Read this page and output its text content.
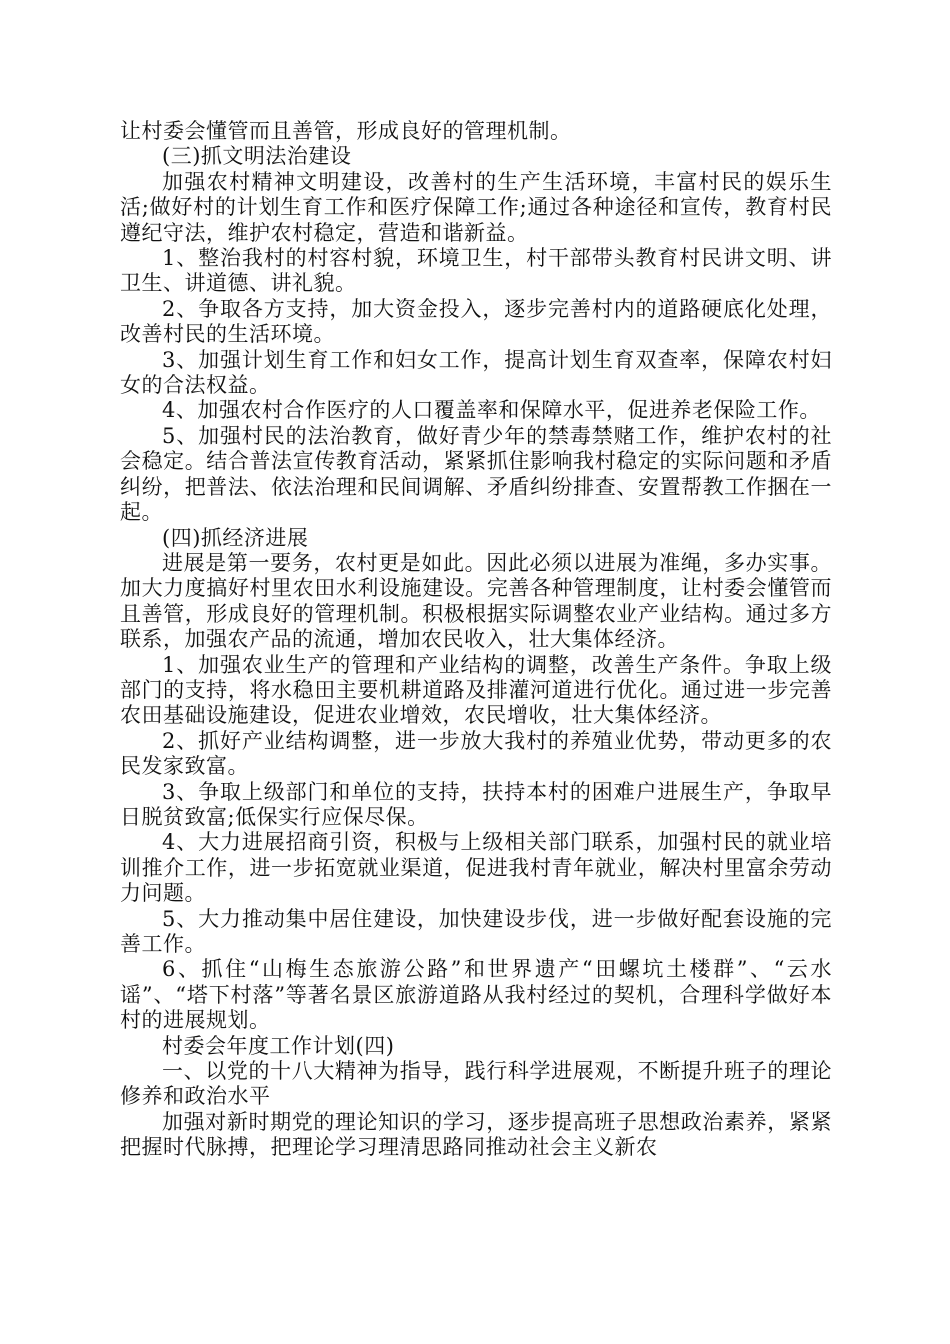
让村委会懂管而且善管，形成良好的管理机制。

(三)抓文明法治建设

加强农村精神文明建设，改善村的生产生活环境，丰富村民的娱乐生活;做好村的计划生育工作和医疗保障工作;通过各种途径和宣传，教育村民遵纪守法，维护农村稳定，营造和谐新益。

1、整治我村的村容村貌，环境卫生，村干部带头教育村民讲文明、讲卫生、讲道德、讲礼貌。

2、争取各方支持，加大资金投入，逐步完善村内的道路硬底化处理，改善村民的生活环境。

3、加强计划生育工作和妇女工作，提高计划生育双查率，保障农村妇女的合法权益。

4、加强农村合作医疗的人口覆盖率和保障水平，促进养老保险工作。

5、加强村民的法治教育，做好青少年的禁毒禁赌工作，维护农村的社会稳定。结合普法宣传教育活动，紧紧抓住影响我村稳定的实际问题和矛盾纠纷，把普法、依法治理和民间调解、矛盾纠纷排查、安置帮教工作捆在一起。

(四)抓经济进展

进展是第一要务，农村更是如此。因此必须以进展为准绳，多办实事。加大力度搞好村里农田水利设施建设。完善各种管理制度，让村委会懂管而且善管，形成良好的管理机制。积极根据实际调整农业产业结构。通过多方联系，加强农产品的流通，增加农民收入，壮大集体经济。

1、加强农业生产的管理和产业结构的调整，改善生产条件。争取上级部门的支持，将水稳田主要机耕道路及排灌河道进行优化。通过进一步完善农田基础设施建设，促进农业增效，农民增收，壮大集体经济。

2、抓好产业结构调整，进一步放大我村的养殖业优势，带动更多的农民发家致富。

3、争取上级部门和单位的支持，扶持本村的困难户进展生产，争取早日脱贫致富;低保实行应保尽保。

4、大力进展招商引资，积极与上级相关部门联系，加强村民的就业培训推介工作，进一步拓宽就业渠道，促进我村青年就业，解决村里富余劳动力问题。

5、大力推动集中居住建设，加快建设步伐，进一步做好配套设施的完善工作。

6、抓住“山梅生态旅游公路”和世界遗产“田螺坑土楼群”、“云水谣”、“塔下村落”等著名景区旅游道路从我村经过的契机，合理科学做好本村的进展规划。

村委会年度工作计划(四)

一、以党的十八大精神为指导，践行科学进展观，不断提升班子的理论修养和政治水平

加强对新时期党的理论知识的学习，逐步提高班子思想政治素养，紧紧把握时代脉搏，把理论学习理清思路同推动社会主义新农
